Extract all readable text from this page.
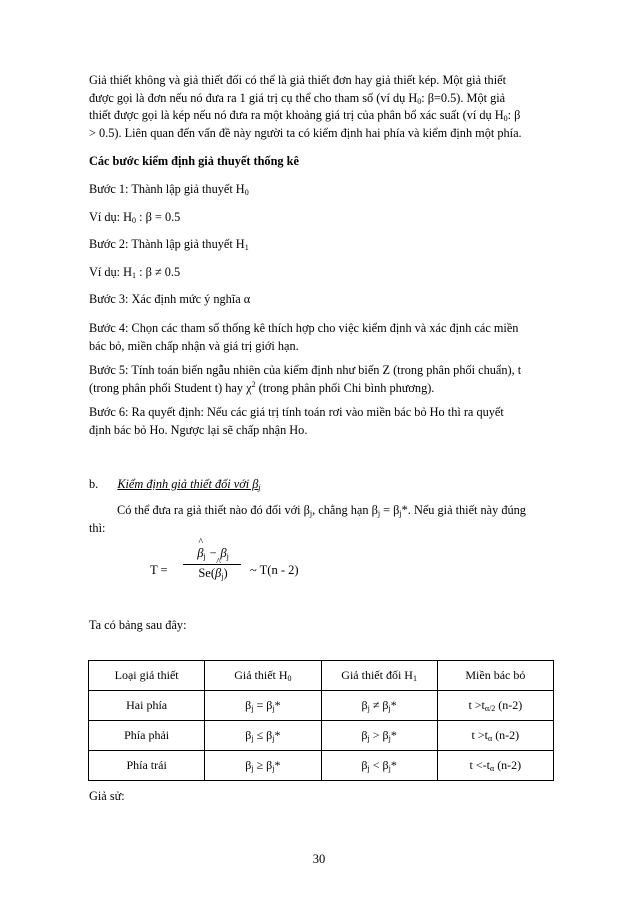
Giả thiết không và giả thiết đối có thể là giả thiết đơn hay giả thiết kép. Một giả thiết
được gọi là đơn nếu nó đưa ra 1 giá trị cụ thể cho tham số (ví dụ $H_0$: β=0.5). Một giả
thiết được gọi là kép nếu nó đưa ra một khoảng giá trị của phân bổ xác suất (ví dụ $H_0$: β
> 0.5). Liên quan đến vấn đề này người ta có kiểm định hai phía và kiểm định một phía.
Các bước kiểm định giả thuyết thống kê
Bước 1: Thành lập giả thuyết $H_0$
Ví dụ: $H_0$ : β = 0.5
Bước 2: Thành lập giả thuyết $H_1$
Ví dụ: $H_1$ : β ≠ 0.5
Bước 3: Xác định mức ý nghĩa α
Bước 4: Chọn các tham số thống kê thích hợp cho việc kiểm định và xác định các miền
bác bỏ, miền chấp nhận và giá trị giới hạn.
Bước 5: Tính toán biến ngẫu nhiên của kiểm định như biến Z (trong phân phối chuẩn), t
(trong phân phối Student t) hay $\chi^2$ (trong phân phối Chi bình phương).
Bước 6: Ra quyết định: Nếu các giá trị tính toán rơi vào miền bác bỏ Ho thì ra quyết
định bác bỏ Ho. Ngược lại sẽ chấp nhận Ho.
b. Kiểm định giả thiết đối với $\beta_j$
Có thể đưa ra giả thiết nào đó đối với $\beta_j$, chẳng hạn $\beta_j = \beta_j*$. Nếu giả thiết này đúng
thì:
T =
^ $\beta_j - \beta_j$
Se(^ $\beta_j$)	~ T(n - 2)
Ta có bảng sau đây:
Loại giả thiết	Giả thiết $H_0$	Giả thiết đối $H_1$	Miền bác bỏ
Hai phía	$\beta_j = \beta_j*$	$\beta_j \ne \beta_j*$	$t >t_{\alpha/2}$ (n-2)
Phía phải	$\beta_j \le \beta_j*$	$\beta_j > \beta_j*$	$t >t_\alpha$ (n-2)
Phía trái	$\beta_j \ge \beta_j*$	$\beta_j < \beta_j*$	$t <-t_\alpha$ (n-2)
Giả sử:
30
